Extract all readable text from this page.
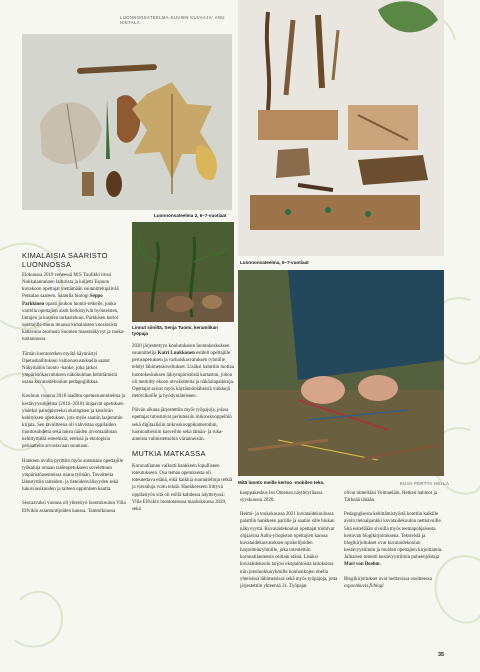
LUONNONSATEELMA-KUVIEN KUVAAJA: ANU HIETALA
Luonnonsateelma 2, 6–7-vuotiaat
Luonnonsateelma, 6–7-vuotiaat
Linnut siiniltä, Senja Tuomi, keramiikan työpaja
Mitä luonto meille kertoo -mobilen teko.	KUVA PERTTA HELLA
KIMALAISIA SAARISTO LUONNOSSA

Elokuussa 2019 veneessä M/S Tuulikki irtosi Nokkalanrannen laiturista ja kuljetti Espoon kuvakoon opettajat viettämään suunnittelupäivää Pentalan saareen. Saarella biologi Seppo Parkkinen opasti joukon luonto-retkelle, jonka varrella opettajien aistit herkistyivät hyönteisten, lintujen ja kasvien tarkasteluun. Parkkisen kertoi opettajille muun muassa kimalaisten vuosiosista kattavana osoitusta Suomen maastoäkyvyt ja ruoka-tuotannossa.

Tämän luontoretken myötä käynnistyi Opetushallituksen valtionavustuksella saatut Näkymätön luonto -hanke, joka jatkoi ympäristökasvatuksen näkökulman kehittämistä osana kuvataidekoulun pedagogiikkaa.

Kouluun vuonna 2018 laadittu opetussuunnitelma ja kestävyysohjelma (2016–2018) linjaavat opetuksen yhdeksi painopisteeksi ekologisen ja kestävän kehityksen opetuksen, jota myös saatiin laajemmin kirjata. Sen tavoitteena oli vahvistaa oppilaiden luontosuhdetta sekä tukea näiden arvomaailman kehittymistä esteettisiä, eettisiä ja ekologisia periaatteita arvostavaan suuntaan.

Hankeen avulla pyrittiin myös antamaan opettajille työkaluja omaan taideopetukseen sovelettuun ympäristöasenteissa osana työtään. Tavoitteita lähestyttiin taiteiden- ja tieteidenvälisyyden sekä lukuvuosikauden ja taiteen oppimisen kautta.

Seuraavaksi vuonna oli yhteistyö luontokoulun Villa Elfvikin asiantuntijoiden kanssa. Tammikuussa

2020 järjestettyyn koulutukseen luontokeskuksen suunnittelija Katri Luukkonen esitteli opettajille perusopetuksen ja varhaiskasvatuksen ryhmille tehdyt lähimetsäoveltukset. Lisäksi haluttiin tuottaa luontokeskuksen lähiympäristöstä kartaston, johon oli merkitty ekoon arvokohteita ja näköalapaikkoja. Opettajat saivat myös käytännönläheisiä vinkkejä tietoviikoille ja hyödyntämiseen.

Päivän aikana järjestettiin myös työpajoja, joissa opettajat tutustuivat perinteisiin mikroskooppeihin sekä digitaalisiin mikroskooppikameroihin, luontoaiheisiin kasveihin sekä tämän- ja ruka-aineista valmistettuihin väriaineisiin.

MUTKIA MATKASSA

Koronatilanne vaikutti hankkeen lopulliseen toteutukseen. Osa temaa opetuksesta oli toteutettava etänä, eikä kaikkia suunniteltuja retkiä ja vierailuja voitu tehdä. Hankkeeseen liittyvä oppilastyön sitä oli esillä kahdessa näyttelyssä: Villa Elfvikin luontotalossa maaliskuussa 2020, sekä

kauppakeskus Iso Omenan näyttelytilassa syyskuussa 2020.

Helmi- ja toukokuussa 2021 kuvataidekoulussa palattiin hankkeen pariille ja saatiin sille hiukan näkyvyyttä. Kuvataidekoulun opettajat toimivat ohjaavina Aalto-yliopiston opettajien kanssa kuvataidekasvatuksen opiskelijoiden harjoitteluryhmille, joka toteutettiin koronatilanteesta osittain etänä. Lisäksi kuvataidekoulu tarjosi ekopaihtoista laitoksissa niin pienluokkaryhmille kouluaikojen ohella yhteisissä lähimetsissä sekä myös työpajoja, joita järjestettiin yhteensä 31. Työpajat

olivat nimeltään Voimaeläin, Hetken hahmot ja Tärkeää tänään.

Pedagogisesta kehittämistyöstä koottiin kaikille avoin tietoaipankki kuvataidekoulun nettisivuille. Sitä esitelliään sivuilla myös teemapohjaisesta kertovan blogikirjoituksena. Teksteistä ja blogikirjoitukset ovat kuvataidekoulun kestävyystiimin ja muiden opettajien kirjoittamia. Julkaisen toteutti kestävyystiimin puheenjohtaja Mari von Boehm.

Blogikirjoitukset ovat luettavissa osoitteessa espoonkuvis.fi/blogi

35
